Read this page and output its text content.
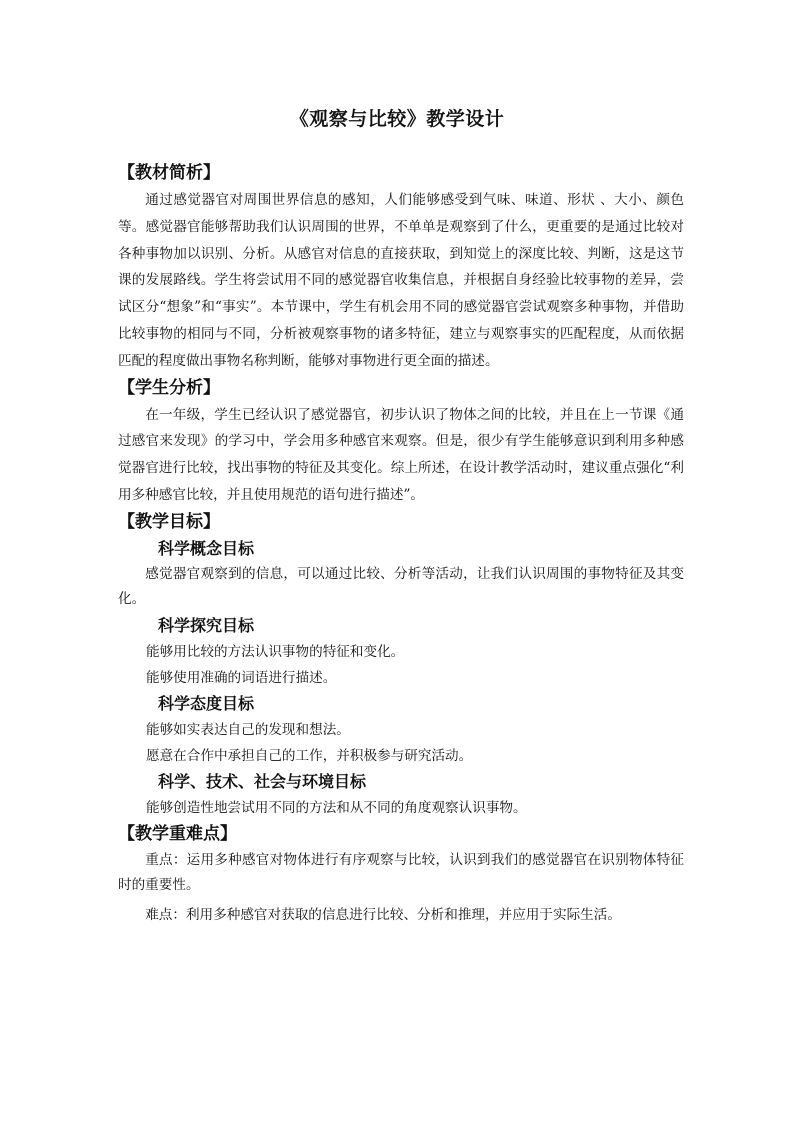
《观察与比较》教学设计
【教材简析】

通过感觉器官对周围世界信息的感知，人们能够感受到气味、味道、形状 、大小、颜色等。感觉器官能够帮助我们认识周围的世界，不单单是观察到了什么，更重要的是通过比较对各种事物加以识别、分析。从感官对信息的直接获取，到知觉上的深度比较、判断，这是这节课的发展路线。学生将尝试用不同的感觉器官收集信息，并根据自身经验比较事物的差异，尝试区分“想象”和“事实”。本节课中，学生有机会用不同的感觉器官尝试观察多种事物，并借助比较事物的相同与不同，分析被观察事物的诸多特征，建立与观察事实的匹配程度，从而依据匹配的程度做出事物名称判断，能够对事物进行更全面的描述。

【学生分析】

在一年级，学生已经认识了感觉器官，初步认识了物体之间的比较，并且在上一节课《通过感官来发现》的学习中，学会用多种感官来观察。但是，很少有学生能够意识到利用多种感觉器官进行比较，找出事物的特征及其变化。综上所述，在设计教学活动时，建议重点强化“利用多种感官比较，并且使用规范的语句进行描述”。

【教学目标】
科学概念目标

感觉器官观察到的信息，可以通过比较、分析等活动，让我们认识周围的事物特征及其变化。

科学探究目标

能够用比较的方法认识事物的特征和变化。

能够使用准确的词语进行描述。

科学态度目标

能够如实表达自己的发现和想法。

愿意在合作中承担自己的工作，并积极参与研究活动。

科学、技术、社会与环境目标

能够创造性地尝试用不同的方法和从不同的角度观察认识事物。

【教学重难点】

重点：运用多种感官对物体进行有序观察与比较，认识到我们的感觉器官在识别物体特征时的重要性。

难点：利用多种感官对获取的信息进行比较、分析和推理，并应用于实际生活。
